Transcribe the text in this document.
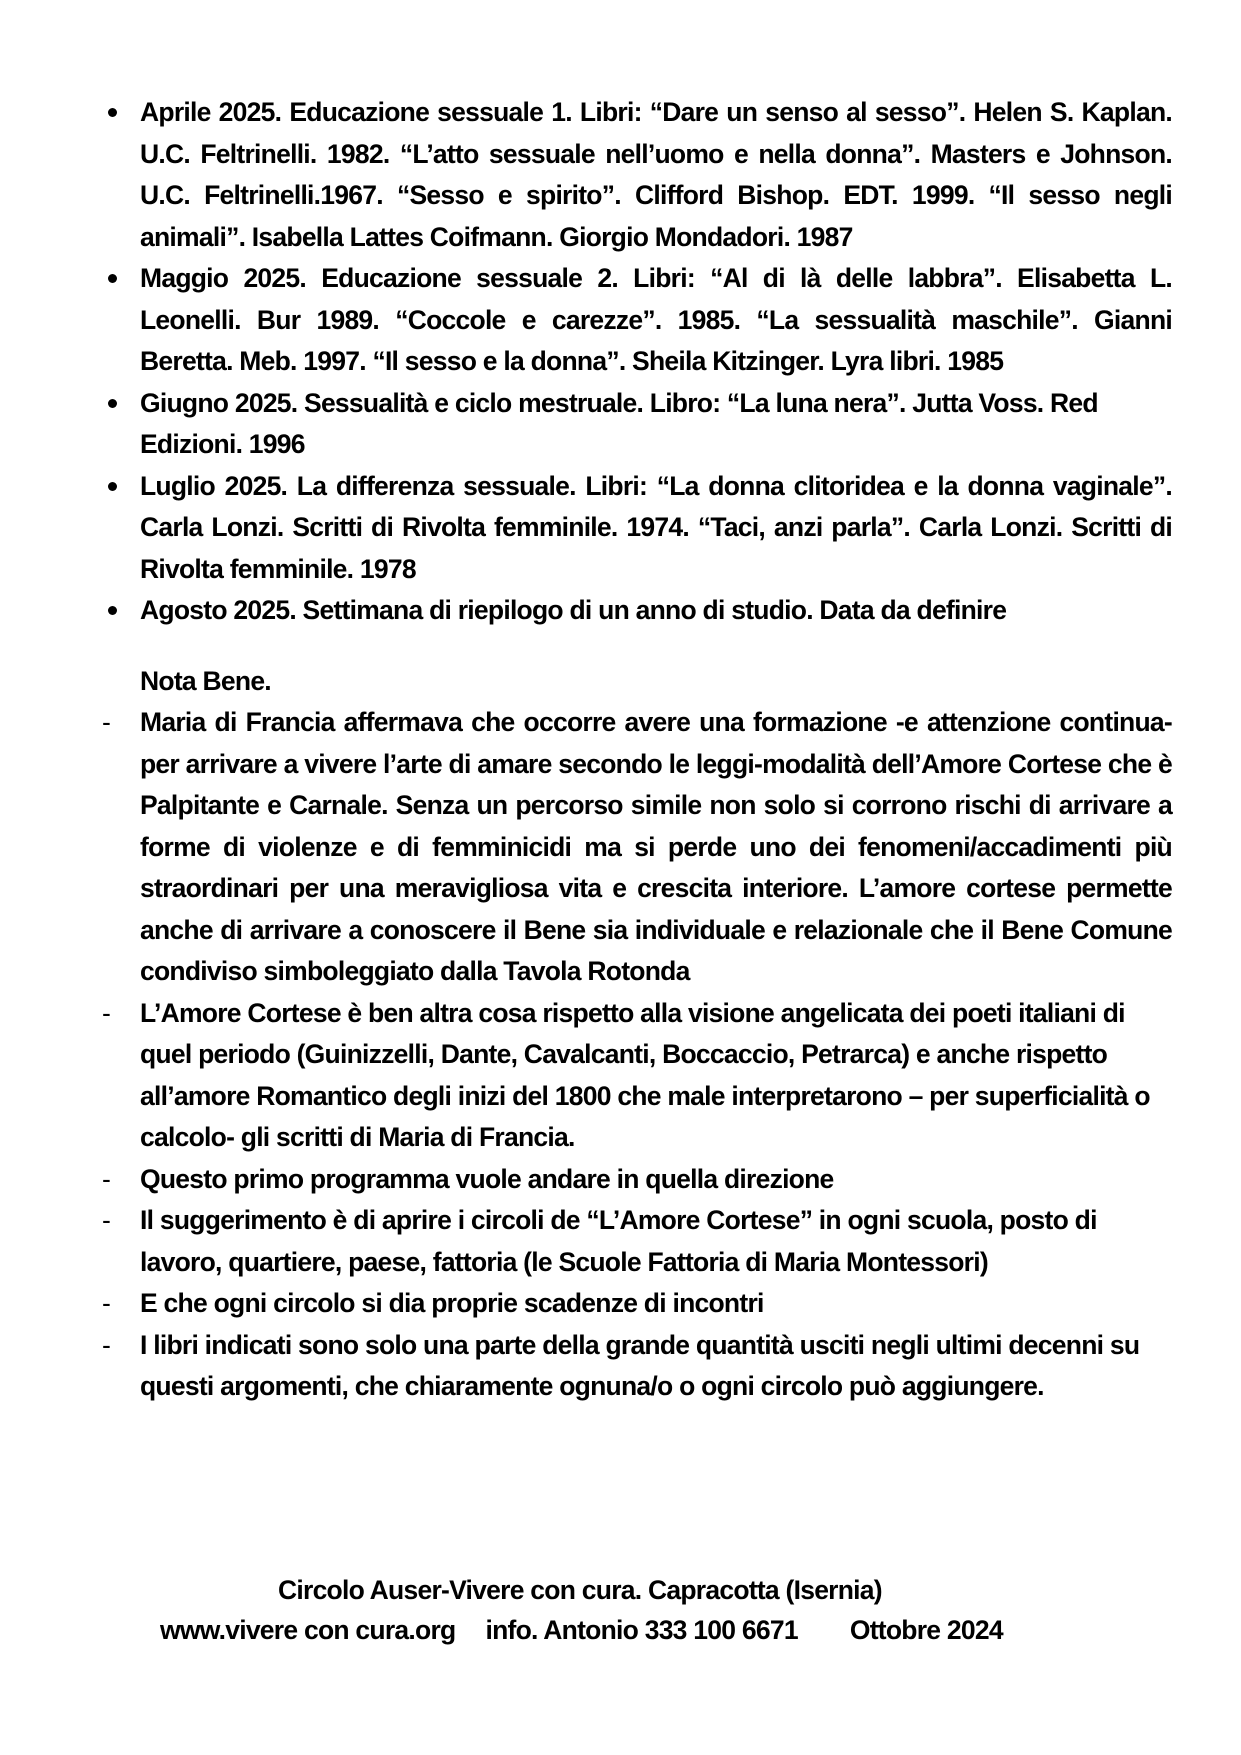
Aprile 2025. Educazione sessuale 1. Libri: “Dare un senso al sesso”. Helen S. Kaplan. U.C. Feltrinelli. 1982. “L’atto sessuale nell’uomo e nella donna”. Masters e Johnson. U.C. Feltrinelli.1967. “Sesso e spirito”. Clifford Bishop. EDT. 1999. “Il sesso negli animali”. Isabella Lattes Coifmann. Giorgio Mondadori. 1987
Maggio 2025. Educazione sessuale 2. Libri: “Al di là delle labbra”. Elisabetta L. Leonelli. Bur 1989. “Coccole e carezze”. 1985. “La sessualità maschile”. Gianni Beretta. Meb. 1997. “Il sesso e la donna”. Sheila Kitzinger. Lyra libri. 1985
Giugno 2025. Sessualità e ciclo mestruale. Libro: “La luna nera”. Jutta Voss. Red Edizioni. 1996
Luglio 2025. La differenza sessuale. Libri: “La donna clitoridea e la donna vaginale”. Carla Lonzi. Scritti di Rivolta femminile. 1974. “Taci, anzi parla”. Carla Lonzi. Scritti di Rivolta femminile. 1978
Agosto 2025. Settimana di riepilogo di un anno di studio. Data da definire
Nota Bene.
- Maria di Francia affermava che occorre avere una formazione -e attenzione continua- per arrivare a vivere l’arte di amare secondo le leggi-modalità dell’Amore Cortese che è Palpitante e Carnale. Senza un percorso simile non solo si corrono rischi di arrivare a forme di violenze e di femminicidi ma si perde uno dei fenomeni/accadimenti più straordinari per una meravigliosa vita e crescita interiore. L’amore cortese permette anche di arrivare a conoscere il Bene sia individuale e relazionale che il Bene Comune condiviso simboleggiato dalla Tavola Rotonda
- L’Amore Cortese è ben altra cosa rispetto alla visione angelicata dei poeti italiani di quel periodo (Guinizzelli, Dante, Cavalcanti, Boccaccio, Petrarca) e anche rispetto all’amore Romantico degli inizi del 1800 che male interpretarono – per superficialità o calcolo- gli scritti di Maria di Francia.
- Questo primo programma vuole andare in quella direzione
- Il suggerimento è di aprire i circoli de “L’Amore Cortese” in ogni scuola, posto di lavoro, quartiere, paese, fattoria (le Scuole Fattoria di Maria Montessori)
- E che ogni circolo si dia proprie scadenze di incontri
- I libri indicati sono solo una parte della grande quantità usciti negli ultimi decenni su questi argomenti, che chiaramente ognuna/o o ogni circolo può aggiungere.
Circolo Auser-Vivere con cura. Capracotta (Isernia)
www.vivere con cura.org info. Antonio 333 100 6671 Ottobre 2024
